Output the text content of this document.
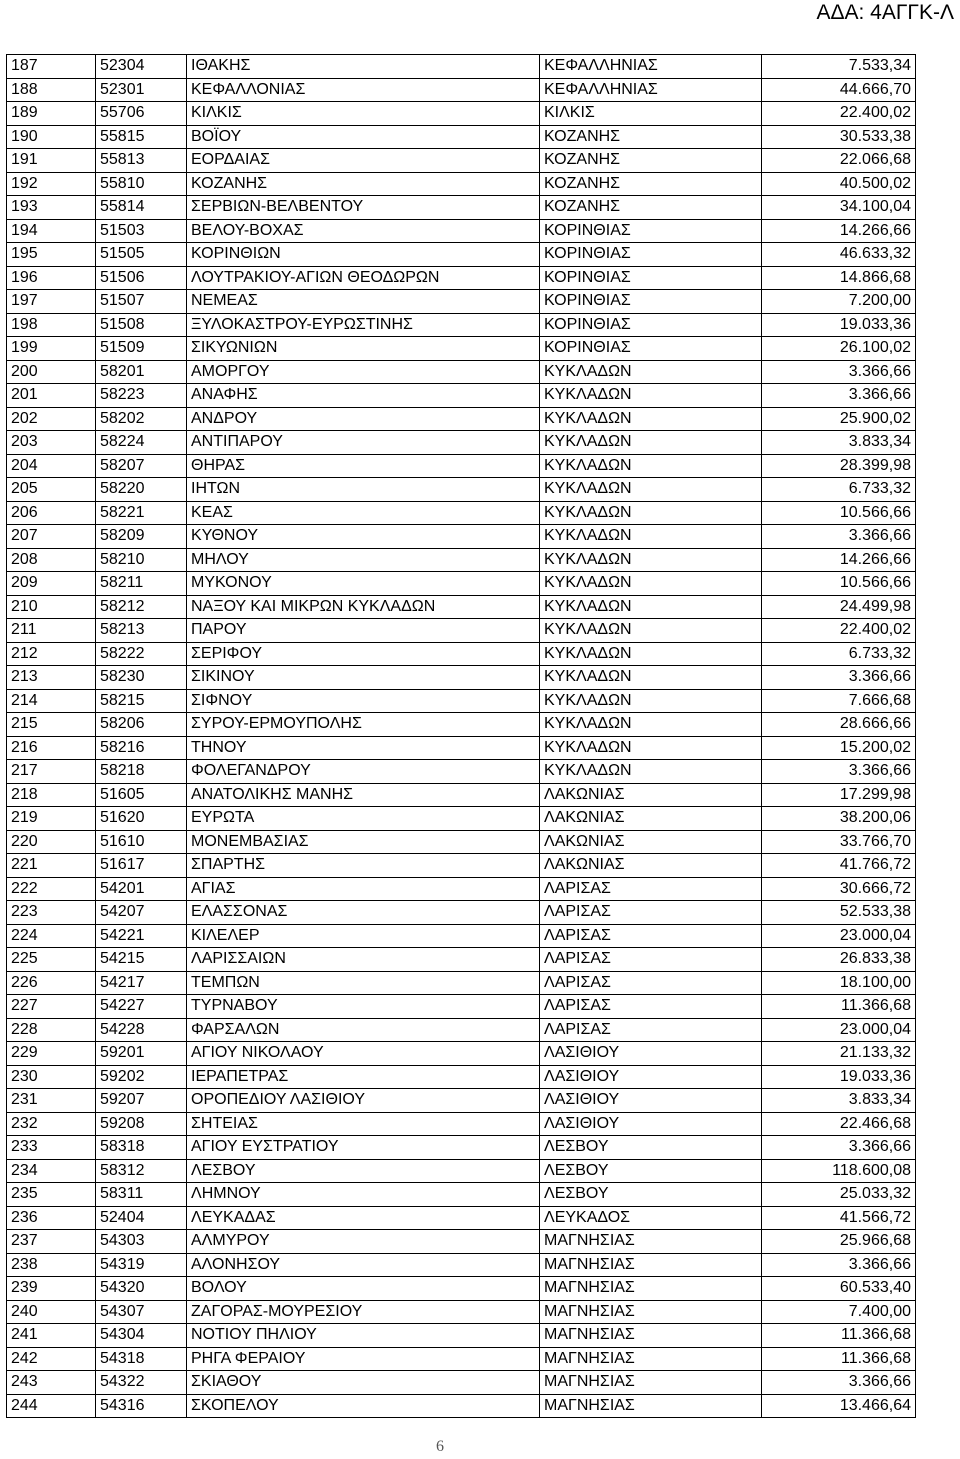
ΑΔΑ: 4ΑΓΓΚ-Λ
187	52304	ΙΘΑΚΗΣ	ΚΕΦΑΛΛΗΝΙΑΣ	7.533,34
188	52301	ΚΕΦΑΛΛΟΝΙΑΣ	ΚΕΦΑΛΛΗΝΙΑΣ	44.666,70
189	55706	ΚΙΛΚΙΣ	ΚΙΛΚΙΣ	22.400,02
190	55815	ΒΟΪΟΥ	ΚΟΖΑΝΗΣ	30.533,38
191	55813	ΕΟΡΔΑΙΑΣ	ΚΟΖΑΝΗΣ	22.066,68
192	55810	ΚΟΖΑΝΗΣ	ΚΟΖΑΝΗΣ	40.500,02
193	55814	ΣΕΡΒΙΩΝ-ΒΕΛΒΕΝΤΟΥ	ΚΟΖΑΝΗΣ	34.100,04
194	51503	ΒΕΛΟΥ-ΒΟΧΑΣ	ΚΟΡΙΝΘΙΑΣ	14.266,66
195	51505	ΚΟΡΙΝΘΙΩΝ	ΚΟΡΙΝΘΙΑΣ	46.633,32
196	51506	ΛΟΥΤΡΑΚΙΟΥ-ΑΓΙΩΝ ΘΕΟΔΩΡΩΝ	ΚΟΡΙΝΘΙΑΣ	14.866,68
197	51507	ΝΕΜΕΑΣ	ΚΟΡΙΝΘΙΑΣ	7.200,00
198	51508	ΞΥΛΟΚΑΣΤΡΟΥ-ΕΥΡΩΣΤΙΝΗΣ	ΚΟΡΙΝΘΙΑΣ	19.033,36
199	51509	ΣΙΚΥΩΝΙΩΝ	ΚΟΡΙΝΘΙΑΣ	26.100,02
200	58201	ΑΜΟΡΓΟΥ	ΚΥΚΛΑΔΩΝ	3.366,66
201	58223	ΑΝΑΦΗΣ	ΚΥΚΛΑΔΩΝ	3.366,66
202	58202	ΑΝΔΡΟΥ	ΚΥΚΛΑΔΩΝ	25.900,02
203	58224	ΑΝΤΙΠΑΡΟΥ	ΚΥΚΛΑΔΩΝ	3.833,34
204	58207	ΘΗΡΑΣ	ΚΥΚΛΑΔΩΝ	28.399,98
205	58220	ΙΗΤΩΝ	ΚΥΚΛΑΔΩΝ	6.733,32
206	58221	ΚΕΑΣ	ΚΥΚΛΑΔΩΝ	10.566,66
207	58209	ΚΥΘΝΟΥ	ΚΥΚΛΑΔΩΝ	3.366,66
208	58210	ΜΗΛΟΥ	ΚΥΚΛΑΔΩΝ	14.266,66
209	58211	ΜΥΚΟΝΟΥ	ΚΥΚΛΑΔΩΝ	10.566,66
210	58212	ΝΑΞΟΥ ΚΑΙ ΜΙΚΡΩΝ ΚΥΚΛΑΔΩΝ	ΚΥΚΛΑΔΩΝ	24.499,98
211	58213	ΠΑΡΟΥ	ΚΥΚΛΑΔΩΝ	22.400,02
212	58222	ΣΕΡΙΦΟΥ	ΚΥΚΛΑΔΩΝ	6.733,32
213	58230	ΣΙΚΙΝΟΥ	ΚΥΚΛΑΔΩΝ	3.366,66
214	58215	ΣΙΦΝΟΥ	ΚΥΚΛΑΔΩΝ	7.666,68
215	58206	ΣΥΡΟΥ-ΕΡΜΟΥΠΟΛΗΣ	ΚΥΚΛΑΔΩΝ	28.666,66
216	58216	ΤΗΝΟΥ	ΚΥΚΛΑΔΩΝ	15.200,02
217	58218	ΦΟΛΕΓΑΝΔΡΟΥ	ΚΥΚΛΑΔΩΝ	3.366,66
218	51605	ΑΝΑΤΟΛΙΚΗΣ ΜΑΝΗΣ	ΛΑΚΩΝΙΑΣ	17.299,98
219	51620	ΕΥΡΩΤΑ	ΛΑΚΩΝΙΑΣ	38.200,06
220	51610	ΜΟΝΕΜΒΑΣΙΑΣ	ΛΑΚΩΝΙΑΣ	33.766,70
221	51617	ΣΠΑΡΤΗΣ	ΛΑΚΩΝΙΑΣ	41.766,72
222	54201	ΑΓΙΑΣ	ΛΑΡΙΣΑΣ	30.666,72
223	54207	ΕΛΑΣΣΟΝΑΣ	ΛΑΡΙΣΑΣ	52.533,38
224	54221	ΚΙΛΕΛΕΡ	ΛΑΡΙΣΑΣ	23.000,04
225	54215	ΛΑΡΙΣΣΑΙΩΝ	ΛΑΡΙΣΑΣ	26.833,38
226	54217	ΤΕΜΠΩΝ	ΛΑΡΙΣΑΣ	18.100,00
227	54227	ΤΥΡΝΑΒΟΥ	ΛΑΡΙΣΑΣ	11.366,68
228	54228	ΦΑΡΣΑΛΩΝ	ΛΑΡΙΣΑΣ	23.000,04
229	59201	ΑΓΙΟΥ ΝΙΚΟΛΑΟΥ	ΛΑΣΙΘΙΟΥ	21.133,32
230	59202	ΙΕΡΑΠΕΤΡΑΣ	ΛΑΣΙΘΙΟΥ	19.033,36
231	59207	ΟΡΟΠΕΔΙΟΥ ΛΑΣΙΘΙΟΥ	ΛΑΣΙΘΙΟΥ	3.833,34
232	59208	ΣΗΤΕΙΑΣ	ΛΑΣΙΘΙΟΥ	22.466,68
233	58318	ΑΓΙΟΥ ΕΥΣΤΡΑΤΙΟΥ	ΛΕΣΒΟΥ	3.366,66
234	58312	ΛΕΣΒΟΥ	ΛΕΣΒΟΥ	118.600,08
235	58311	ΛΗΜΝΟΥ	ΛΕΣΒΟΥ	25.033,32
236	52404	ΛΕΥΚΑΔΑΣ	ΛΕΥΚΑΔΟΣ	41.566,72
237	54303	ΑΛΜΥΡΟΥ	ΜΑΓΝΗΣΙΑΣ	25.966,68
238	54319	ΑΛΟΝΗΣΟΥ	ΜΑΓΝΗΣΙΑΣ	3.366,66
239	54320	ΒΟΛΟΥ	ΜΑΓΝΗΣΙΑΣ	60.533,40
240	54307	ΖΑΓΟΡΑΣ-ΜΟΥΡΕΣΙΟΥ	ΜΑΓΝΗΣΙΑΣ	7.400,00
241	54304	ΝΟΤΙΟΥ ΠΗΛΙΟΥ	ΜΑΓΝΗΣΙΑΣ	11.366,68
242	54318	ΡΗΓΑ ΦΕΡΑΙΟΥ	ΜΑΓΝΗΣΙΑΣ	11.366,68
243	54322	ΣΚΙΑΘΟΥ	ΜΑΓΝΗΣΙΑΣ	3.366,66
244	54316	ΣΚΟΠΕΛΟΥ	ΜΑΓΝΗΣΙΑΣ	13.466,64
6
